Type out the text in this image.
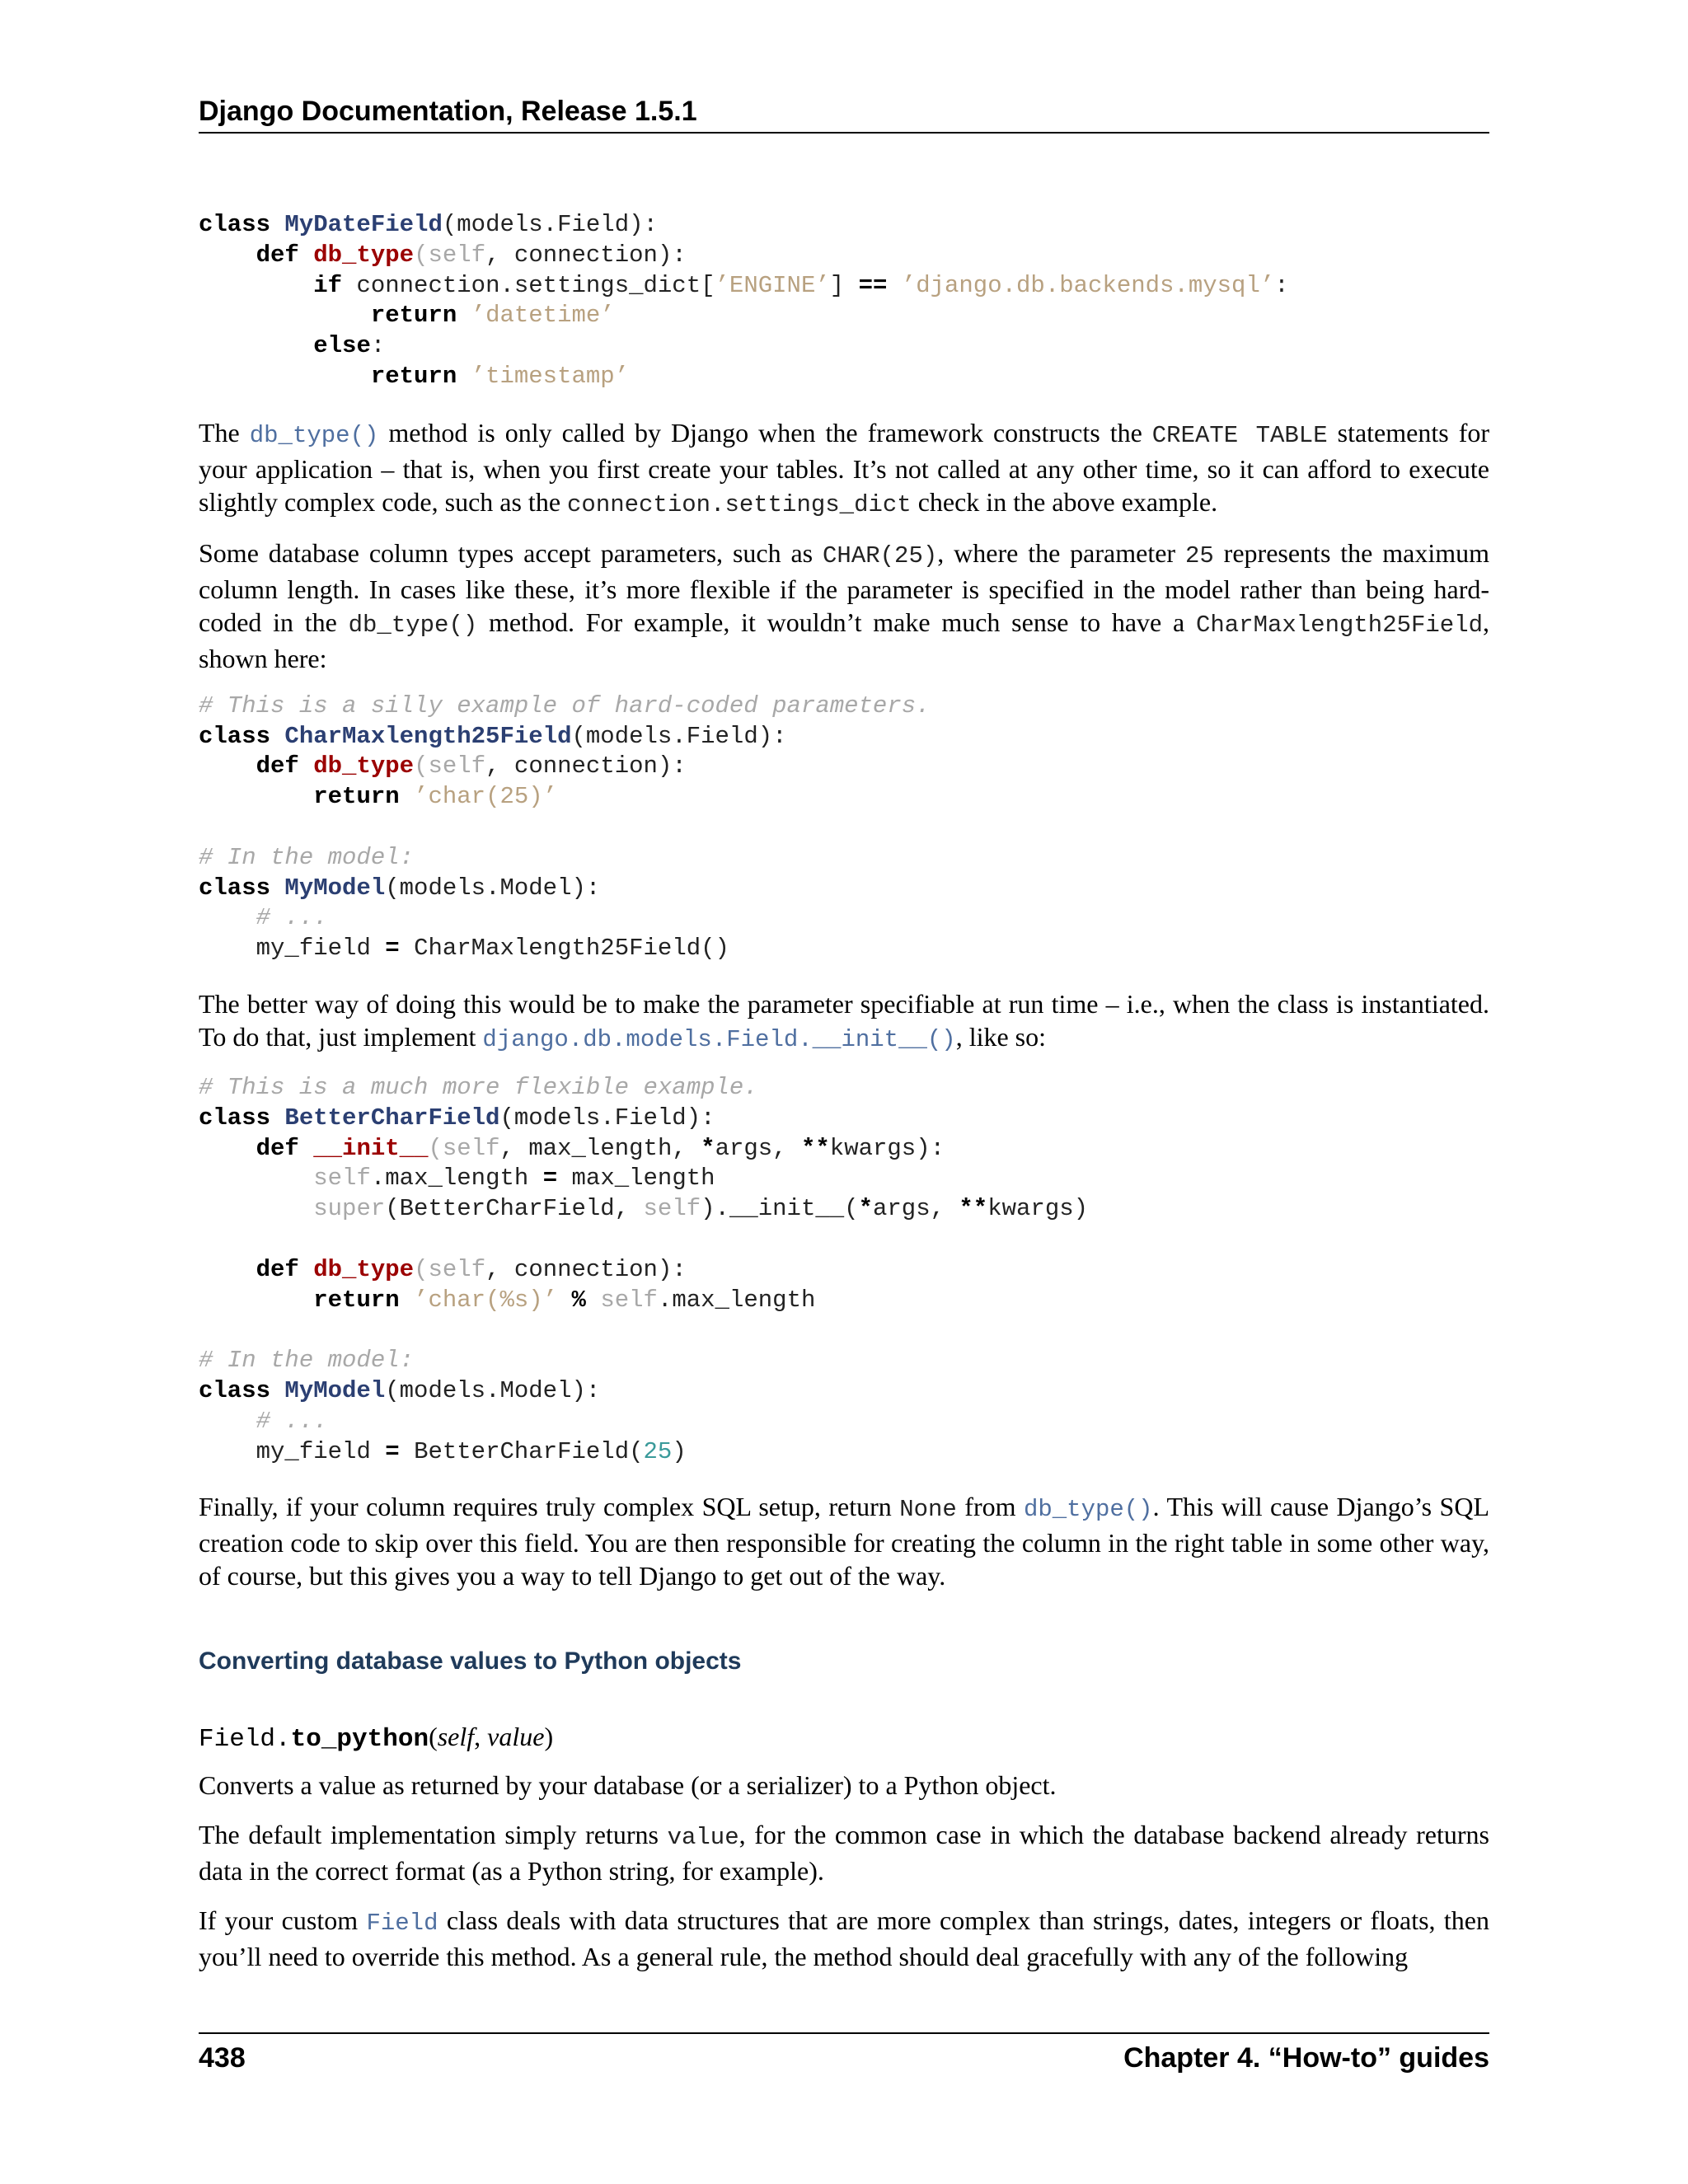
Django Documentation, Release 1.5.1
class MyDateField(models.Field):
def db_type(self, connection):
if connection.settings_dict[’ENGINE’] == ’django.db.backends.mysql’:
return ’datetime’
else:
return ’timestamp’

The db_type() method is only called by Django when the framework constructs the CREATE TABLE statements for your application – that is, when you first create your tables. It’s not called at any other time, so it can afford to execute slightly complex code, such as the connection.settings_dict check in the above example.

Some database column types accept parameters, such as CHAR(25), where the parameter 25 represents the maximum column length. In cases like these, it’s more flexible if the parameter is specified in the model rather than being hard-coded in the db_type() method. For example, it wouldn’t make much sense to have a CharMaxlength25Field, shown here:

# This is a silly example of hard-coded parameters.
class CharMaxlength25Field(models.Field):
def db_type(self, connection):
return ’char(25)’

# In the model:
class MyModel(models.Model):
# ...
my_field = CharMaxlength25Field()

The better way of doing this would be to make the parameter specifiable at run time – i.e., when the class is instantiated. To do that, just implement django.db.models.Field.__init__(), like so:

# This is a much more flexible example.
class BetterCharField(models.Field):
def __init__(self, max_length, *args, **kwargs):
self.max_length = max_length
super(BetterCharField, self).__init__(*args, **kwargs)

def db_type(self, connection):
return ’char(%s)’ % self.max_length

# In the model:
class MyModel(models.Model):
# ...
my_field = BetterCharField(25)

Finally, if your column requires truly complex SQL setup, return None from db_type(). This will cause Django’s SQL creation code to skip over this field. You are then responsible for creating the column in the right table in some other way, of course, but this gives you a way to tell Django to get out of the way.

Converting database values to Python objects
Field.to_python(self, value)

Converts a value as returned by your database (or a serializer) to a Python object.

The default implementation simply returns value, for the common case in which the database backend already returns data in the correct format (as a Python string, for example).

If your custom Field class deals with data structures that are more complex than strings, dates, integers or floats, then you’ll need to override this method. As a general rule, the method should deal gracefully with any of the following

438	Chapter 4. “How-to” guides
